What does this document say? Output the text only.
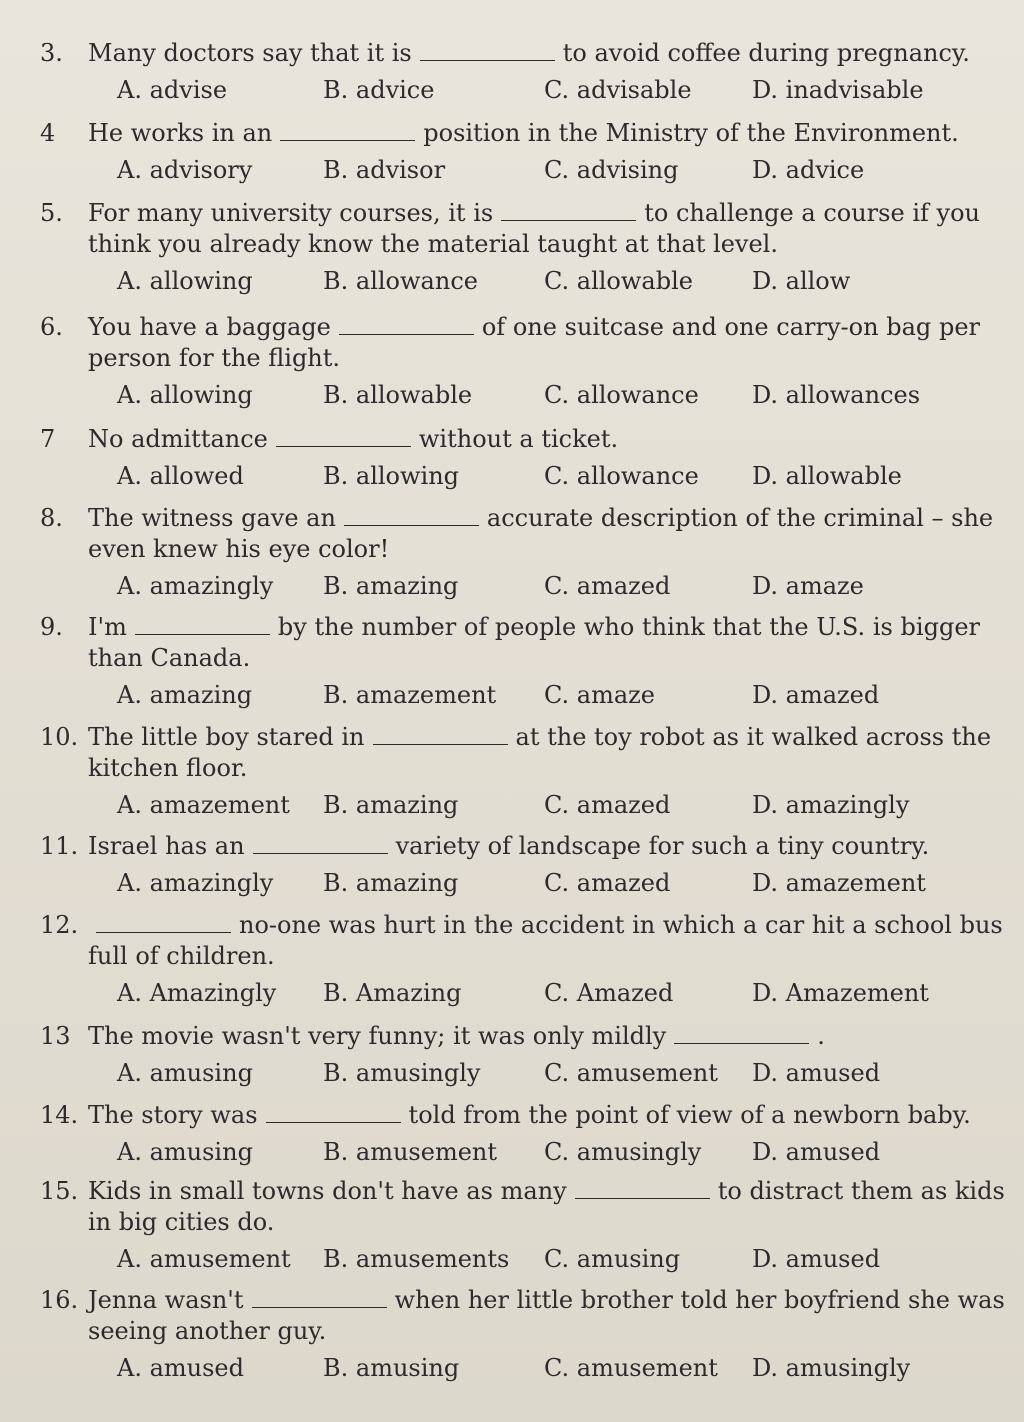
3.	Many doctors say that it is	to avoid coffee during pregnancy.
A. advise	B. advice	C. advisable	D. inadvisable
4	He works in an	position in the Ministry of the Environment.
A. advisory	B. advisor	C. advising	D. advice
5.	For many university courses, it is	to challenge a course if you
think you already know the material taught at that level.
A. allowing	B. allowance	C. allowable D. allow
6.	You have a baggage	of one suitcase and one carry-on bag per
person for the flight.
A. allowing	B. allowable	C. allowance D. allowances
7	No admittance	without a ticket.
A. allowed	B. allowing	C. allowance D. allowable
8.	The witness gave an	accurate description of the criminal – she
even knew his eye color!
A. amazingly B. amazing	C. amazed	D. amaze
9.	I'm	by the number of people who think that the U.S. is bigger
than Canada.
A. amazing	B. amazement C. amaze	D. amazed
10. The little boy stared in	at the toy robot as it walked across the
kitchen floor.
A. amazement B. amazing	C. amazed	D. amazingly
11. Israel has an	variety of landscape for such a tiny country.
A. amazingly B. amazing	C. amazed	D. amazement
12.	no-one was hurt in the accident in which a car hit a school bus
full of children.
A. Amazingly B. Amazing	C. Amazed	D. Amazement
13 The movie wasn't very funny; it was only mildly	.
A. amusing	B. amusingly	C. amusement D. amused
14. The story was	told from the point of view of a newborn baby.
A. amusing	B. amusement C. amusingly D. amused
15. Kids in small towns don't have as many	to distract them as kids
in big cities do.
A. amusement B. amusements C. amusing	D. amused
16. Jenna wasn't	when her little brother told her boyfriend she was
seeing another guy.
A. amused	B. amusing	C. amusement D. amusingly
